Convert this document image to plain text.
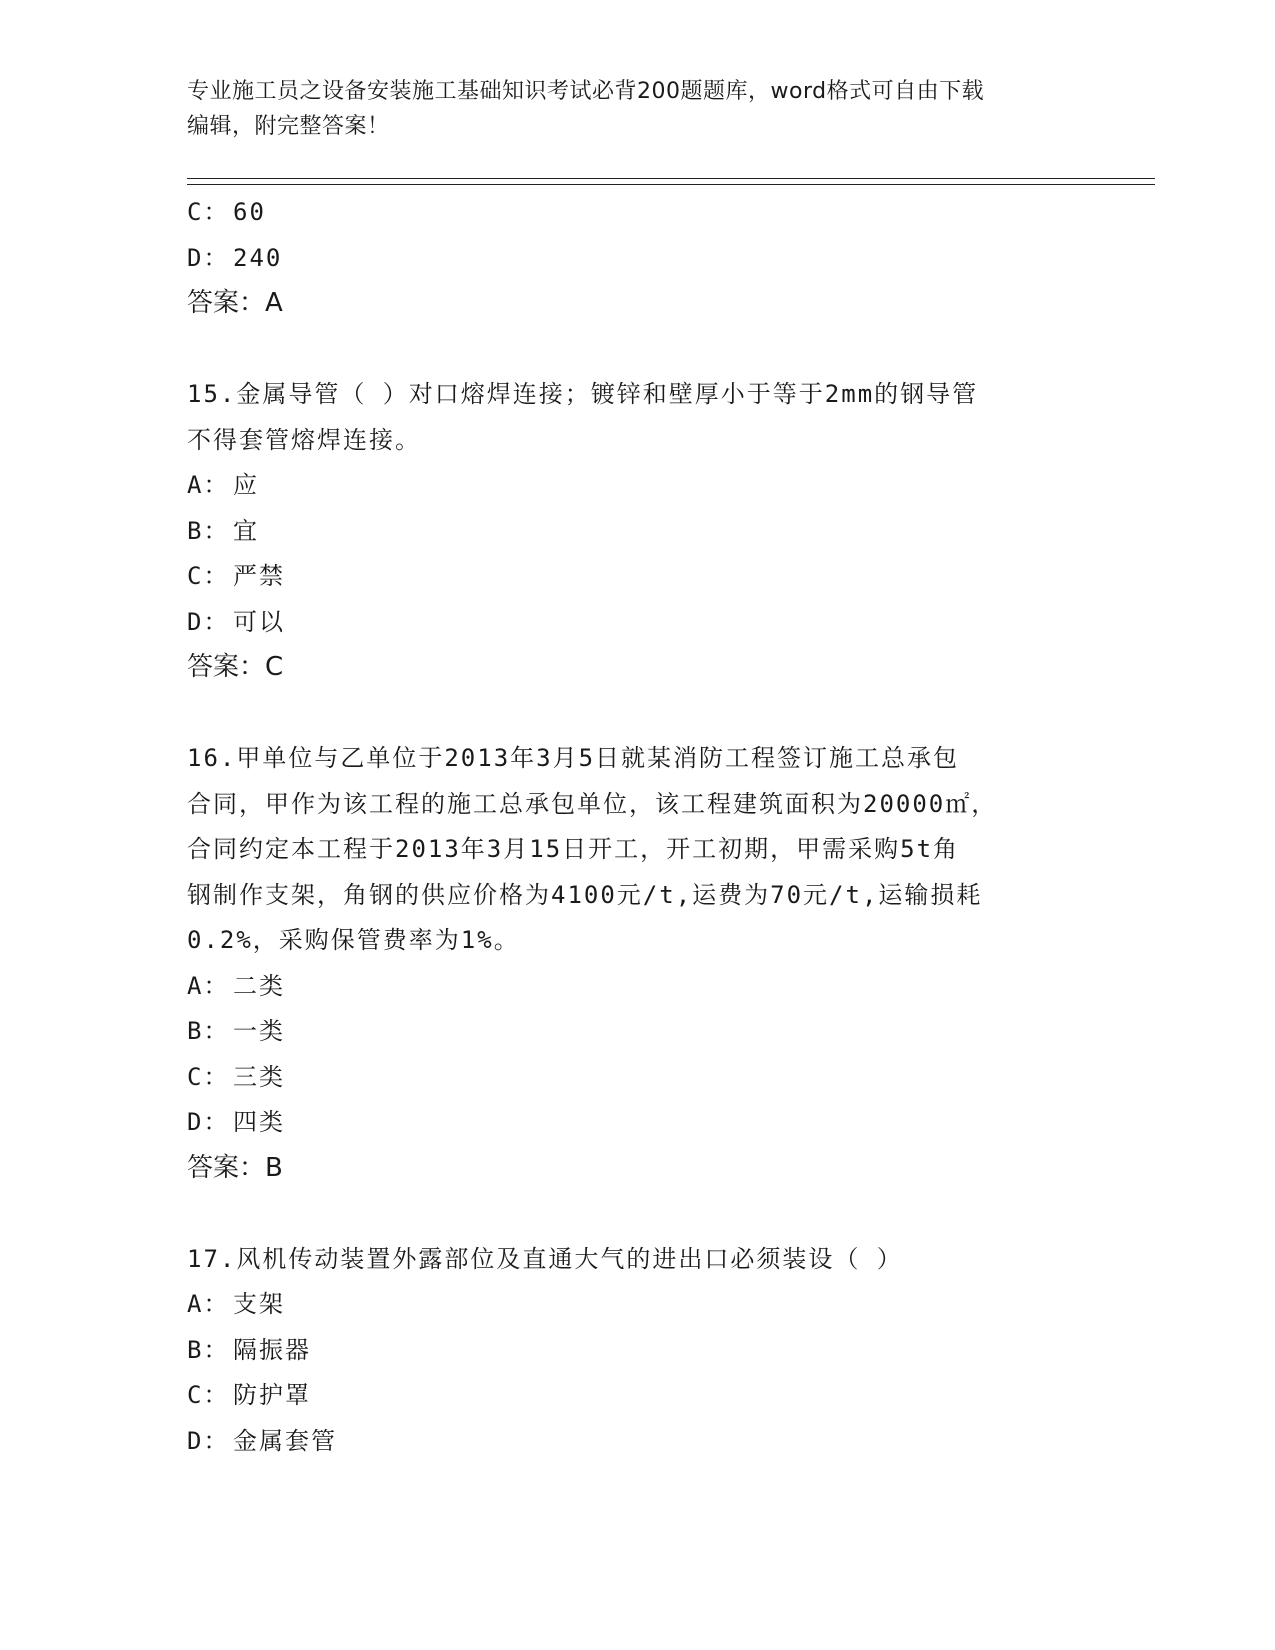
专业施工员之设备安装施工基础知识考试必背200题题库，word格式可自由下载
编辑，附完整答案！
C： 60
D： 240
答案：A
15.金属导管（ ）对口熔焊连接；镀锌和壁厚小于等于2mm的钢导管
不得套管熔焊连接。
A： 应
B： 宜
C： 严禁
D： 可以
答案：C
16.甲单位与乙单位于2013年3月5日就某消防工程签订施工总承包
合同，甲作为该工程的施工总承包单位，该工程建筑面积为20000㎡，
合同约定本工程于2013年3月15日开工，开工初期，甲需采购5t角
钢制作支架，角钢的供应价格为4100元/t,运费为70元/t,运输损耗
0.2%，采购保管费率为1%。
A： 二类
B： 一类
C： 三类
D： 四类
答案：B
17.风机传动装置外露部位及直通大气的进出口必须装设（ ）
A： 支架
B： 隔振器
C： 防护罩
D： 金属套管
